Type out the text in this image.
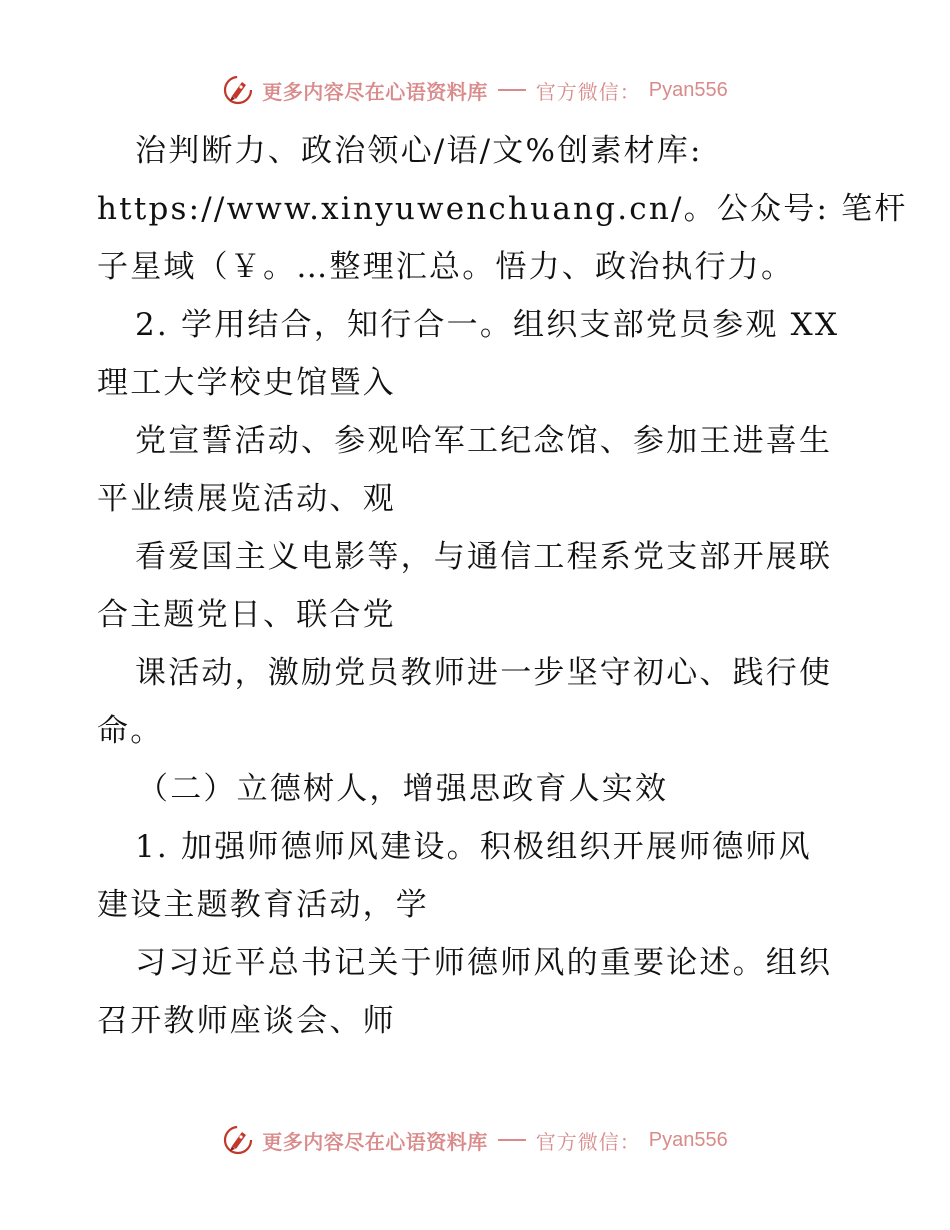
更多内容尽在心语资料库 官方微信： Pyan556
治判断力、政治领心/语/文%创素材库:
https://www.xinyuwenchuang.cn/。公众号: 笔杆
子星域（￥。…整理汇总。悟力、政治执行力。
2. 学用结合，知行合一。组织支部党员参观 XX
理工大学校史馆暨入
党宣誓活动、参观哈军工纪念馆、参加王进喜生
平业绩展览活动、观
看爱国主义电影等，与通信工程系党支部开展联
合主题党日、联合党
课活动，激励党员教师进一步坚守初心、践行使
命。
（二）立德树人，增强思政育人实效
1. 加强师德师风建设。积极组织开展师德师风
建设主题教育活动，学
习习近平总书记关于师德师风的重要论述。组织
召开教师座谈会、师
更多内容尽在心语资料库 官方微信： Pyan556
